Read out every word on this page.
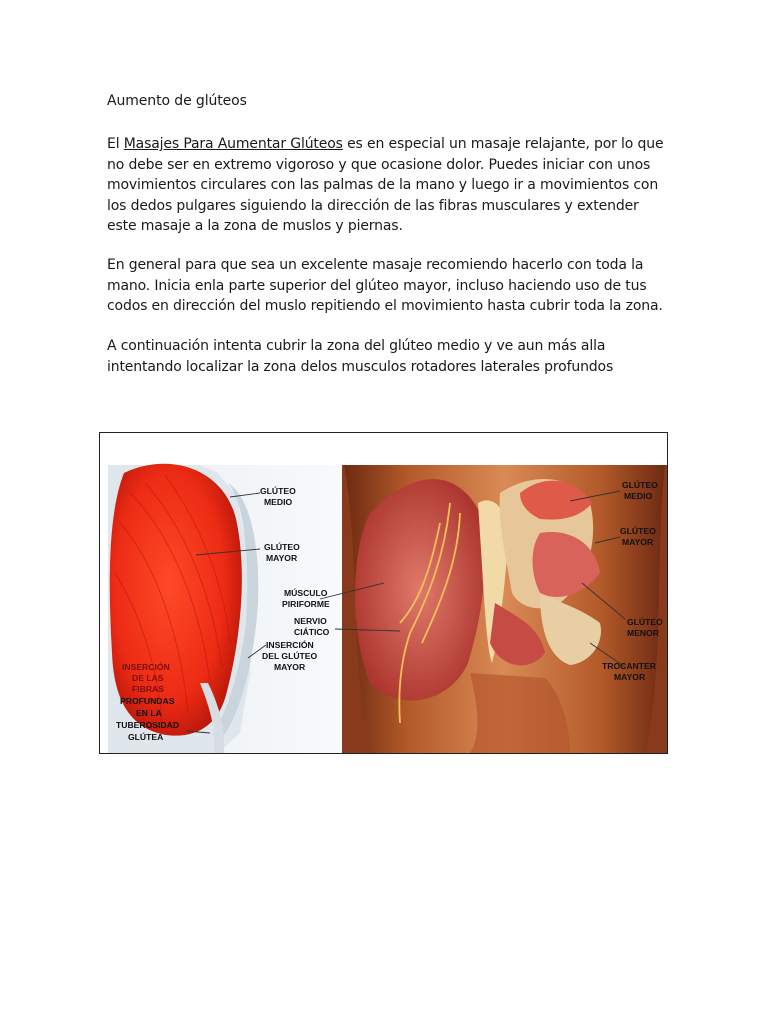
Aumento de glúteos
El Masajes Para Aumentar Glúteos es en especial un masaje relajante, por lo que no debe ser en extremo vigoroso y que ocasione dolor. Puedes iniciar con unos movimientos circulares con las palmas de la mano y luego ir a movimientos con los dedos pulgares siguiendo la dirección de las fibras musculares y extender este masaje a la zona de muslos y piernas.
En general para que sea un excelente masaje recomiendo hacerlo con toda la mano. Inicia enla parte superior del glúteo mayor, incluso haciendo uso de tus codos en dirección del muslo repitiendo el movimiento hasta cubrir toda la zona.
A continuación intenta cubrir la zona del glúteo medio y ve aun más alla intentando localizar la zona delos musculos rotadores laterales profundos
GLÚTEO
MEDIO
GLÚTEO
MAYOR
MÚSCULO
PIRIFORME
NERVIO
CIÁTICO
INSERCIÓN
DEL GLÚTEO
MAYOR
INSERCIÓN
DE LAS
FIBRAS
PROFUNDAS
EN LA
TUBEROSIDAD
GLÚTEA
GLÚTEO
MEDIO
GLÚTEO
MAYOR
GLÚTEO
MENOR
TROCANTER
MAYOR
